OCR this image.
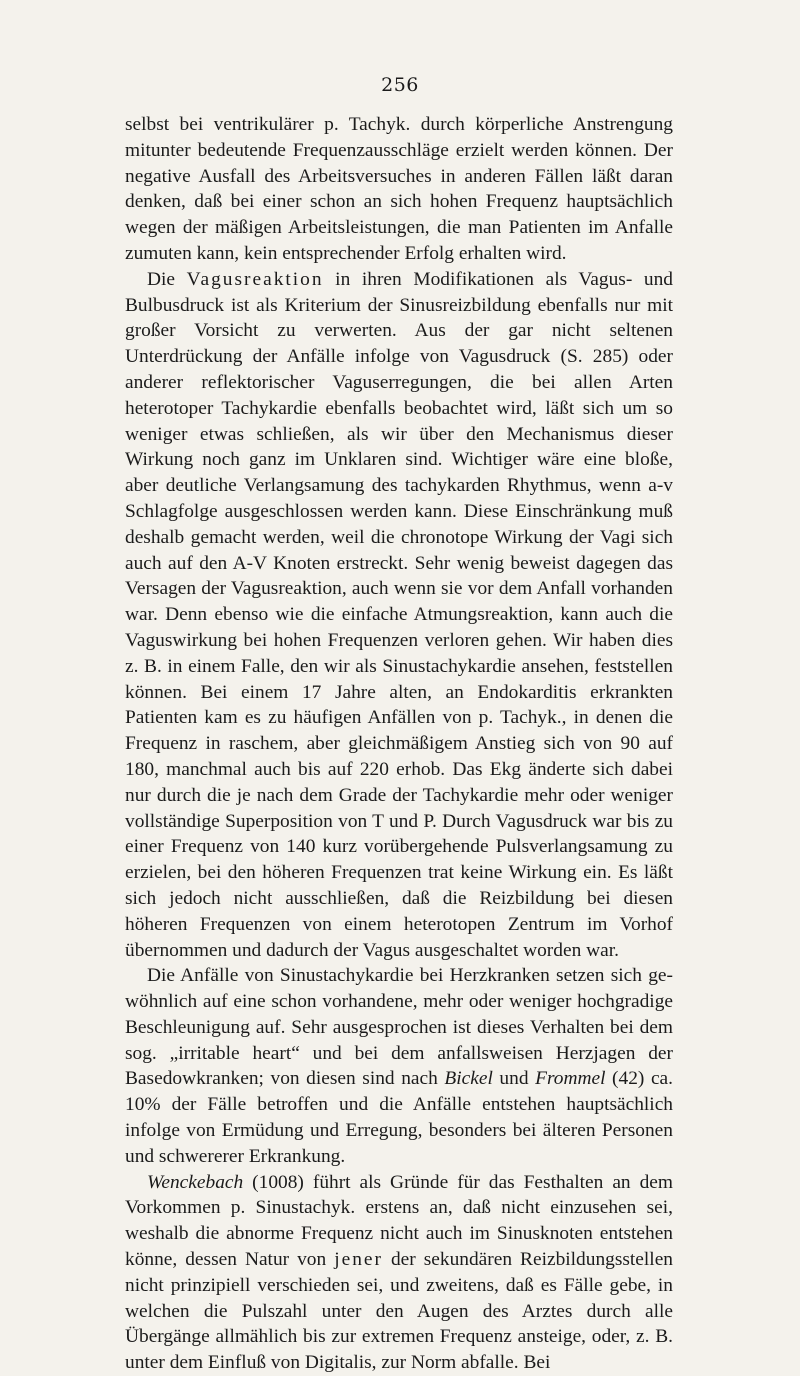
256

selbst bei ventrikulärer p. Tachyk. durch körperliche Anstrengung mitunter bedeutende Frequenzausschläge erzielt werden können. Der negative Ausfall des Arbeitsversuches in anderen Fällen läßt daran denken, daß bei einer schon an sich hohen Frequenz hauptsächlich wegen der mäßigen Arbeitsleistungen, die man Patienten im Anfalle zumuten kann, kein entsprechender Erfolg erhalten wird.

Die Vagusreaktion in ihren Modifikationen als Vagus- und Bulbusdruck ist als Kriterium der Sinusreizbildung ebenfalls nur mit großer Vorsicht zu verwerten. Aus der gar nicht seltenen Unterdrückung der Anfälle infolge von Vagusdruck (S. 285) oder anderer reflektorischer Vaguserregungen, die bei allen Arten heterotoper Tachykardie ebenfalls beobachtet wird, läßt sich um so weniger etwas schließen, als wir über den Mechanismus dieser Wirkung noch ganz im Unklaren sind. Wichtiger wäre eine bloße, aber deutliche Verlangsamung des tachykarden Rhythmus, wenn a-v Schlagfolge ausgeschlossen werden kann. Diese Einschränkung muß deshalb gemacht werden, weil die chronotope Wirkung der Vagi sich auch auf den A-V Knoten erstreckt. Sehr wenig beweist dagegen das Versagen der Vagusreaktion, auch wenn sie vor dem Anfall vorhanden war. Denn ebenso wie die einfache Atmungsreaktion, kann auch die Vaguswirkung bei hohen Frequenzen verloren gehen. Wir haben dies z. B. in einem Falle, den wir als Sinustachykardie ansehen, feststellen können. Bei einem 17 Jahre alten, an Endokarditis erkrankten Patienten kam es zu häufigen Anfällen von p. Tachyk., in denen die Frequenz in raschem, aber gleichmäßigem Anstieg sich von 90 auf 180, manchmal auch bis auf 220 erhob. Das Ekg änderte sich dabei nur durch die je nach dem Grade der Tachykardie mehr oder weniger vollständige Superposition von T und P. Durch Vagusdruck war bis zu einer Frequenz von 140 kurz vorübergehende Pulsverlangsamung zu erzielen, bei den höheren Frequenzen trat keine Wirkung ein. Es läßt sich jedoch nicht ausschließen, daß die Reizbildung bei diesen höheren Frequenzen von einem heterotopen Zentrum im Vorhof übernommen und dadurch der Vagus ausgeschaltet worden war.

Die Anfälle von Sinustachykardie bei Herzkranken setzen sich gewöhnlich auf eine schon vorhandene, mehr oder weniger hochgradige Beschleunigung auf. Sehr ausgesprochen ist dieses Verhalten bei dem sog. „irritable heart“ und bei dem anfallsweisen Herzjagen der Basedowkranken; von diesen sind nach Bickel und Frommel (42) ca. 10% der Fälle betroffen und die Anfälle entstehen hauptsächlich infolge von Ermüdung und Erregung, besonders bei älteren Personen und schwererer Erkrankung.

Wenckebach (1008) führt als Gründe für das Festhalten an dem Vorkommen p. Sinustachyk. erstens an, daß nicht einzusehen sei, weshalb die abnorme Frequenz nicht auch im Sinusknoten entstehen könne, dessen Natur von jener der sekundären Reizbildungsstellen nicht prinzipiell verschieden sei, und zweitens, daß es Fälle gebe, in welchen die Pulszahl unter den Augen des Arztes durch alle Übergänge allmählich bis zur extremen Frequenz ansteige, oder, z. B. unter dem Einfluß von Digitalis, zur Norm abfalle. Bei
